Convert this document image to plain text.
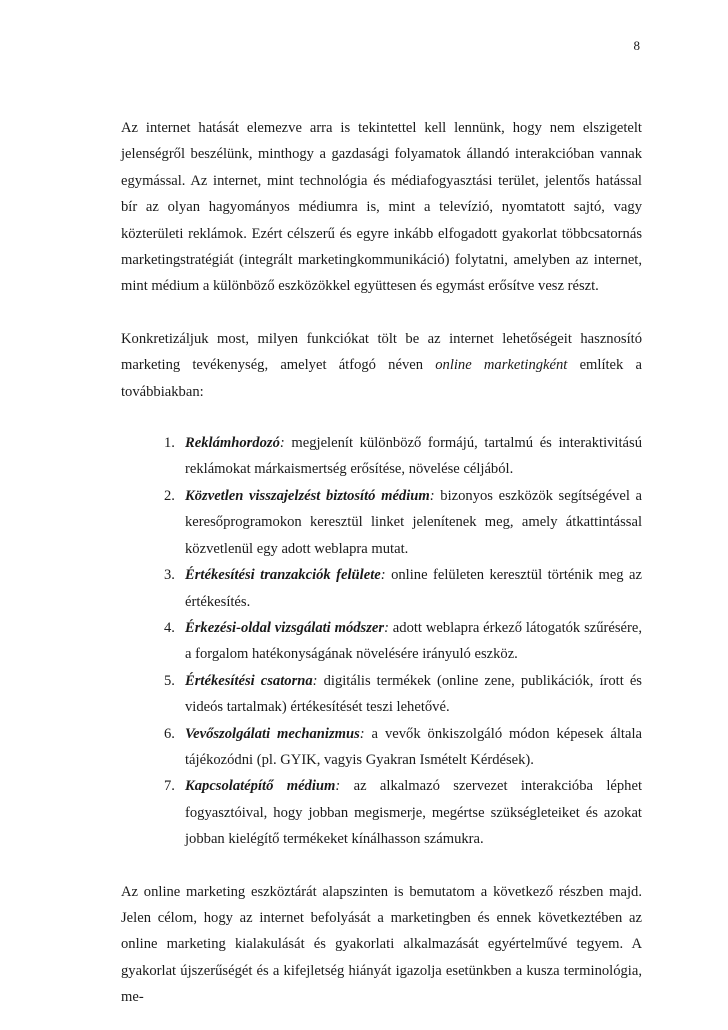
8

Az internet hatását elemezve arra is tekintettel kell lennünk, hogy nem elszigetelt jelenségről beszélünk, minthogy a gazdasági folyamatok állandó interakcióban vannak egymással. Az internet, mint technológia és médiafogyasztási terület, jelentős hatással bír az olyan hagyományos médiumra is, mint a televízió, nyomtatott sajtó, vagy közterületi reklámok. Ezért célszerű és egyre inkább elfogadott gyakorlat többcsatornás marketingstratégiát (integrált marketingkommunikáció) folytatni, amelyben az internet, mint médium a különböző eszközökkel együttesen és egymást erősítve vesz részt.

Konkretizáljuk most, milyen funkciókat tölt be az internet lehetőségeit hasznosító marketing tevékenység, amelyet átfogó néven online marketingként említek a továbbiakban:

1. Reklámhordozó: megjelenít különböző formájú, tartalmú és interaktivitású reklámokat márkaismertség erősítése, növelése céljából.
2. Közvetlen visszajelzést biztosító médium: bizonyos eszközök segítségével a keresőprogramokon keresztül linket jelenítenek meg, amely átkattintással közvetlenül egy adott weblapra mutat.
3. Értékesítési tranzakciók felülete: online felületen keresztül történik meg az értékesítés.
4. Érkezési-oldal vizsgálati módszer: adott weblapra érkező látogatók szűrésére, a forgalom hatékonyságának növelésére irányuló eszköz.
5. Értékesítési csatorna: digitális termékek (online zene, publikációk, írott és videós tartalmak) értékesítését teszi lehetővé.
6. Vevőszolgálati mechanizmus: a vevők önkiszolgáló módon képesek általa tájékozódni (pl. GYIK, vagyis Gyakran Ismételt Kérdések).
7. Kapcsolatépítő médium: az alkalmazó szervezet interakcióba léphet fogyasztóival, hogy jobban megismerje, megértse szükségleteiket és azokat jobban kielégítő termékeket kínálhasson számukra.

Az online marketing eszköztárát alapszinten is bemutatom a következő részben majd. Jelen célom, hogy az internet befolyását a marketingben és ennek következtében az online marketing kialakulását és gyakorlati alkalmazását egyértelművé tegyem. A gyakorlat újszerűségét és a kifejletség hiányát igazolja esetünkben a kusza terminológia, me-
